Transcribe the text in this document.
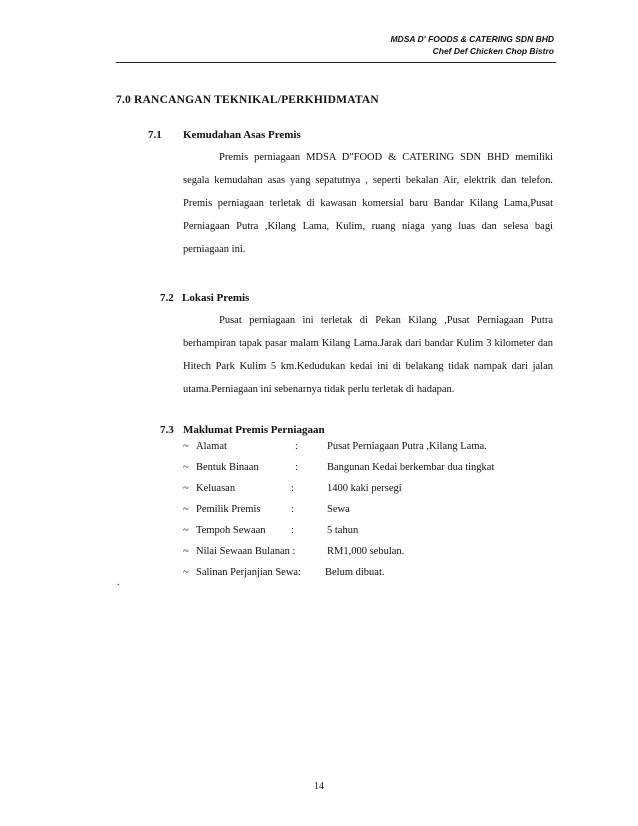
MDSA D' FOODS & CATERING SDN BHD
Chef Def Chicken Chop Bistro
7.0 RANCANGAN TEKNIKAL/PERKHIDMATAN
7.1 Kemudahan Asas Premis
Premis perniagaan MDSA D"FOOD & CATERING SDN BHD memiliki segala kemudahan asas yang sepatutnya , seperti bekalan Air, elektrik dan telefon. Premis perniagaan terletak di kawasan komersial baru Bandar Kilang Lama,Pusat Perniagaan Putra ,Kilang Lama, Kulim, ruang niaga yang luas dan selesa bagi perniagaan ini.
7.2 Lokasi Premis
Pusat perniagaan ini terletak di Pekan Kilang ,Pusat Perniagaan Putra berhampiran tapak pasar malam Kilang Lama.Jarak dari bandar Kulim 3 kilometer dan Hitech Park Kulim 5 km.Kedudukan kedai ini di belakang tidak nampak dari jalan utama.Perniagaan ini sebenarnya tidak perlu terletak di hadapan.
7.3 Maklumat Premis Perniagaan
~ Alamat	:	Pusat Perniagaan Putra ,Kilang Lama.
~ Bentuk Binaan	:	Bangunan Kedai berkembar dua tingkat
~ Keluasan	:	1400 kaki persegi
~ Pemilik Premis	:	Sewa
~ Tempoh Sewaan :	5 tahun
~ Nilai Sewaan Bulanan :	RM1,000 sebulan.
~ Salinan Perjanjian Sewa: Belum dibuat.
.
14
